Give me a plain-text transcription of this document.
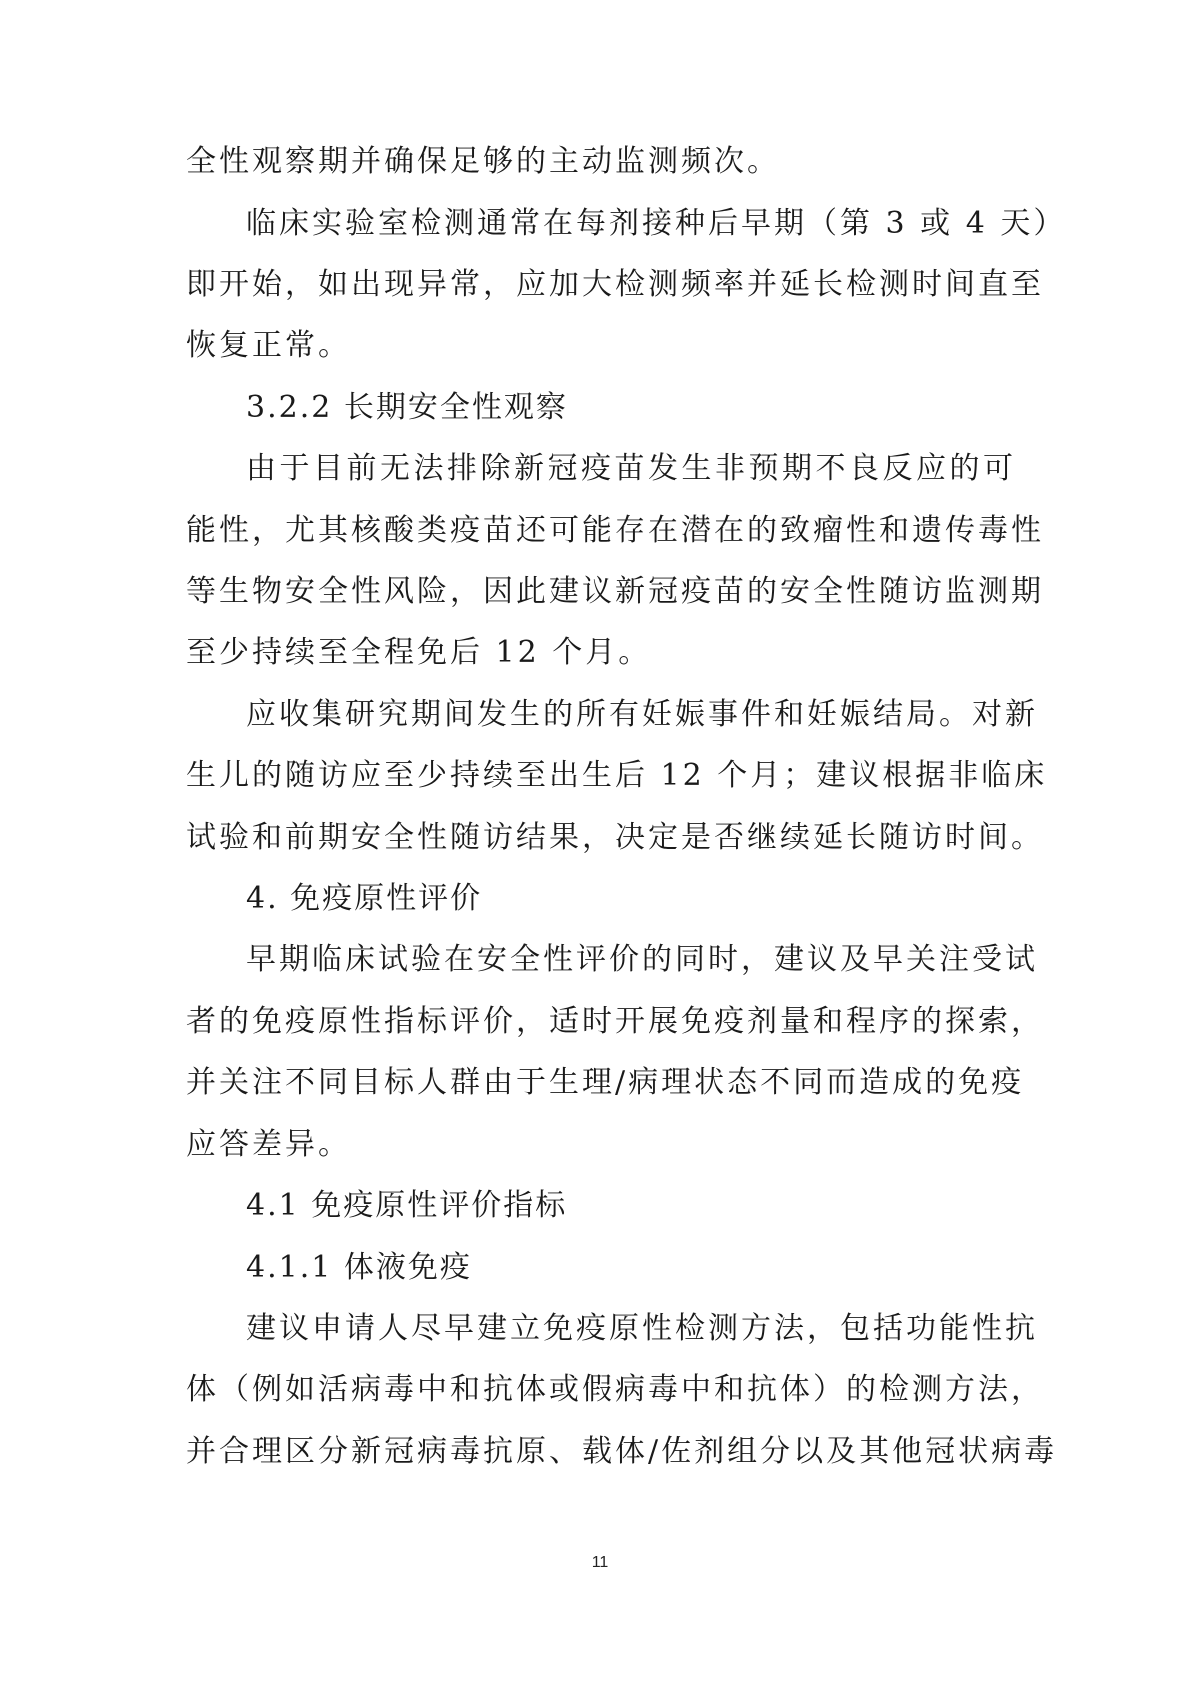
全性观察期并确保足够的主动监测频次。
临床实验室检测通常在每剂接种后早期（第 3 或 4 天）
即开始，如出现异常，应加大检测频率并延长检测时间直至
恢复正常。
3.2.2 长期安全性观察
由于目前无法排除新冠疫苗发生非预期不良反应的可
能性，尤其核酸类疫苗还可能存在潜在的致瘤性和遗传毒性
等生物安全性风险，因此建议新冠疫苗的安全性随访监测期
至少持续至全程免后 12 个月。
应收集研究期间发生的所有妊娠事件和妊娠结局。对新
生儿的随访应至少持续至出生后 12 个月；建议根据非临床
试验和前期安全性随访结果，决定是否继续延长随访时间。
4. 免疫原性评价
早期临床试验在安全性评价的同时，建议及早关注受试
者的免疫原性指标评价，适时开展免疫剂量和程序的探索，
并关注不同目标人群由于生理/病理状态不同而造成的免疫
应答差异。
4.1 免疫原性评价指标
4.1.1 体液免疫
建议申请人尽早建立免疫原性检测方法，包括功能性抗
体（例如活病毒中和抗体或假病毒中和抗体）的检测方法，
并合理区分新冠病毒抗原、载体/佐剂组分以及其他冠状病毒
11
